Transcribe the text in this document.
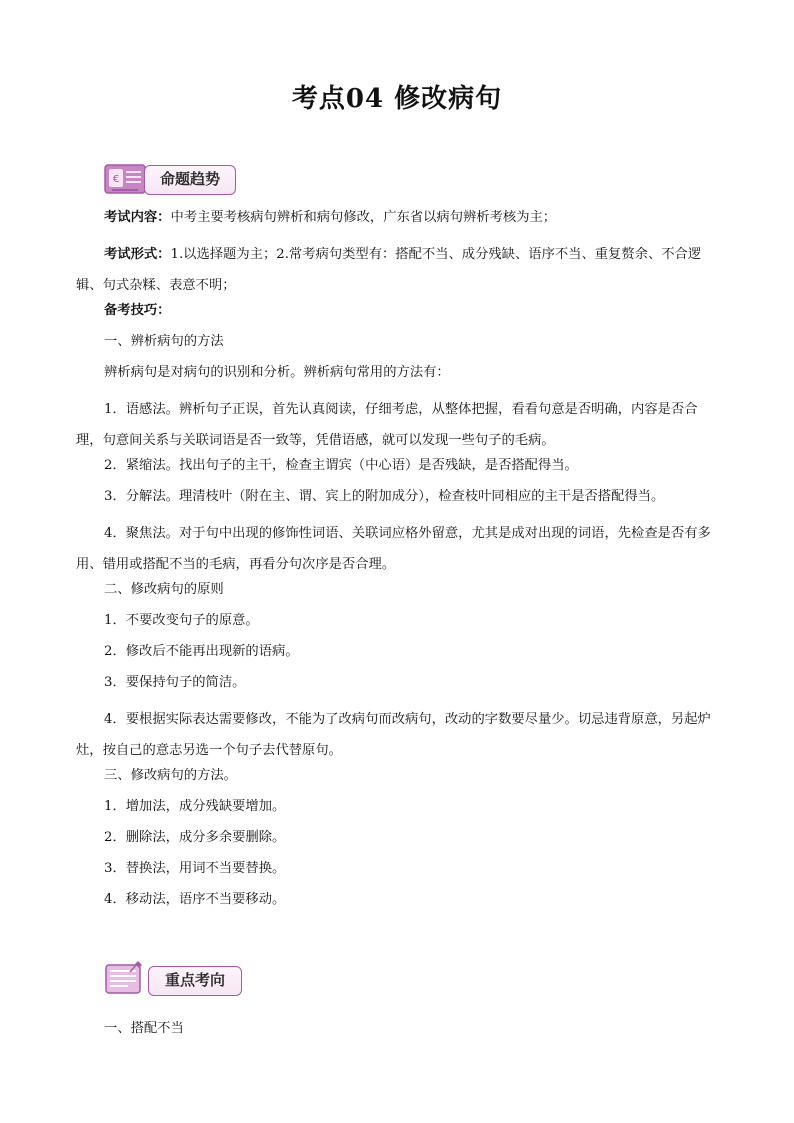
考点04 修改病句
€	命题趋势

考试内容：中考主要考核病句辨析和病句修改，广东省以病句辨析考核为主；

考试形式：1.以选择题为主；2.常考病句类型有：搭配不当、成分残缺、语序不当、重复赘余、不合逻辑、句式杂糅、表意不明；

备考技巧：
一、辨析病句的方法
辨析病句是对病句的识别和分析。辨析病句常用的方法有：

1．语感法。辨析句子正误，首先认真阅读，仔细考虑，从整体把握，看看句意是否明确，内容是否合理，句意间关系与关联词语是否一致等，凭借语感，就可以发现一些句子的毛病。

2．紧缩法。找出句子的主干，检查主谓宾（中心语）是否残缺，是否搭配得当。
3．分解法。理清枝叶（附在主、谓、宾上的附加成分），检查枝叶同相应的主干是否搭配得当。

4．聚焦法。对于句中出现的修饰性词语、关联词应格外留意，尤其是成对出现的词语，先检查是否有多用、错用或搭配不当的毛病，再看分句次序是否合理。

二、修改病句的原则
1．不要改变句子的原意。
2．修改后不能再出现新的语病。
3．要保持句子的简洁。

4．要根据实际表达需要修改，不能为了改病句而改病句，改动的字数要尽量少。切忌违背原意，另起炉灶，按自己的意志另选一个句子去代替原句。

三、修改病句的方法。
1．增加法，成分残缺要增加。
2．删除法，成分多余要删除。
3．替换法，用词不当要替换。
4．移动法，语序不当要移动。
重点考向
一、搭配不当
